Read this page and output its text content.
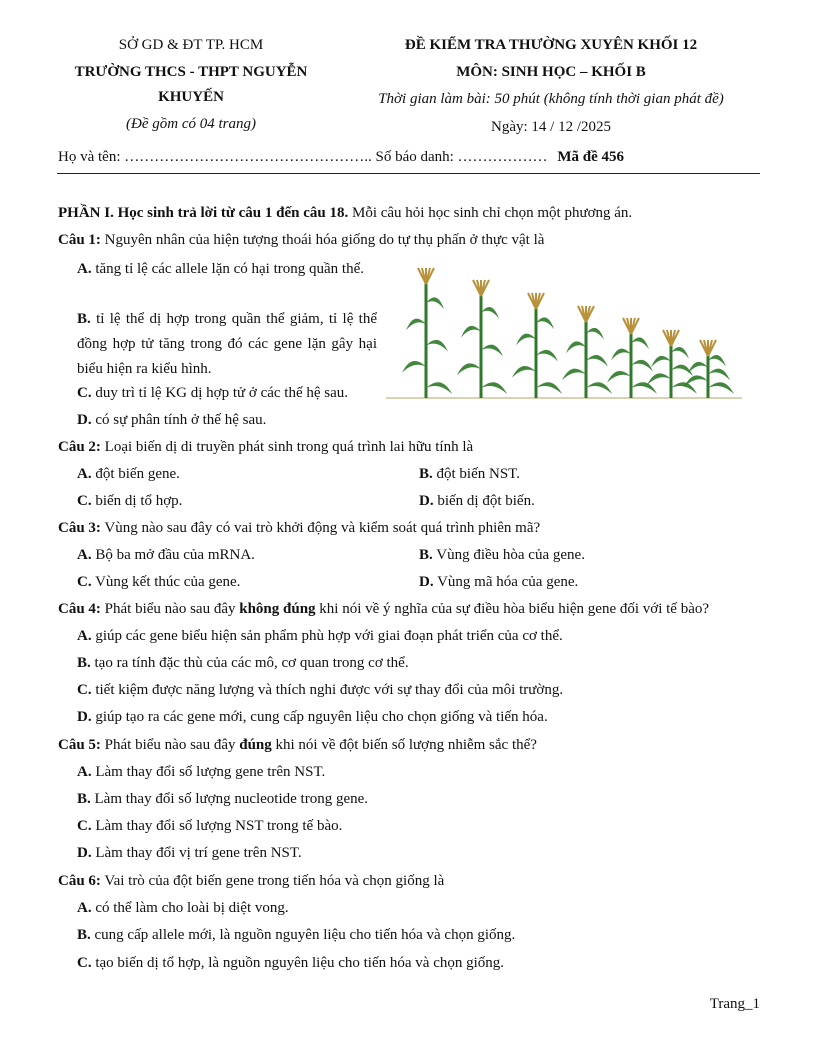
SỞ GD & ĐT TP. HCM
TRƯỜNG THCS - THPT NGUYỄN
KHUYẾN
(Đề gồm có 04 trang)
ĐỀ KIỂM TRA THƯỜNG XUYÊN KHỐI 12
MÔN: SINH HỌC – KHỐI B
Thời gian làm bài: 50 phút (không tính thời gian phát đề)
Ngày: 14 / 12 /2025
Họ và tên: ………………………………………….. Số báo danh: ……………… Mã đề 456
PHẦN I. Học sinh trả lời từ câu 1 đến câu 18. Mỗi câu hỏi học sinh chỉ chọn một phương án.
Câu 1: Nguyên nhân của hiện tượng thoái hóa giống do tự thụ phấn ở thực vật là
A. tăng tỉ lệ các allele lặn có hại trong quần thể.
B. tỉ lệ thể dị hợp trong quần thể giảm, tỉ lệ thể đồng hợp tử tăng trong đó các gene lặn gây hại biểu hiện ra kiểu hình.
C. duy trì tỉ lệ KG dị hợp tử ở các thế hệ sau.
D. có sự phân tính ở thế hệ sau.
Câu 2: Loại biến dị di truyền phát sinh trong quá trình lai hữu tính là
A. đột biến gene.	B. đột biến NST.
C. biến dị tổ hợp.	D. biến dị đột biến.
Câu 3: Vùng nào sau đây có vai trò khởi động và kiểm soát quá trình phiên mã?
A. Bộ ba mở đầu của mRNA.	B. Vùng điều hòa của gene.
C. Vùng kết thúc của gene.	D. Vùng mã hóa của gene.
Câu 4: Phát biểu nào sau đây không đúng khi nói về ý nghĩa của sự điều hòa biểu hiện gene đối với tế bào?
A. giúp các gene biểu hiện sản phẩm phù hợp với giai đoạn phát triển của cơ thể.
B. tạo ra tính đặc thù của các mô, cơ quan trong cơ thể.
C. tiết kiệm được năng lượng và thích nghi được với sự thay đổi của môi trường.
D. giúp tạo ra các gene mới, cung cấp nguyên liệu cho chọn giống và tiến hóa.
Câu 5: Phát biểu nào sau đây đúng khi nói về đột biến số lượng nhiễm sắc thể?
A. Làm thay đổi số lượng gene trên NST.
B. Làm thay đổi số lượng nucleotide trong gene.
C. Làm thay đổi số lượng NST trong tế bào.
D. Làm thay đổi vị trí gene trên NST.
Câu 6: Vai trò của đột biến gene trong tiến hóa và chọn giống là
A. có thể làm cho loài bị diệt vong.
B. cung cấp allele mới, là nguồn nguyên liệu cho tiến hóa và chọn giống.
C. tạo biến dị tổ hợp, là nguồn nguyên liệu cho tiến hóa và chọn giống.
Trang_1
